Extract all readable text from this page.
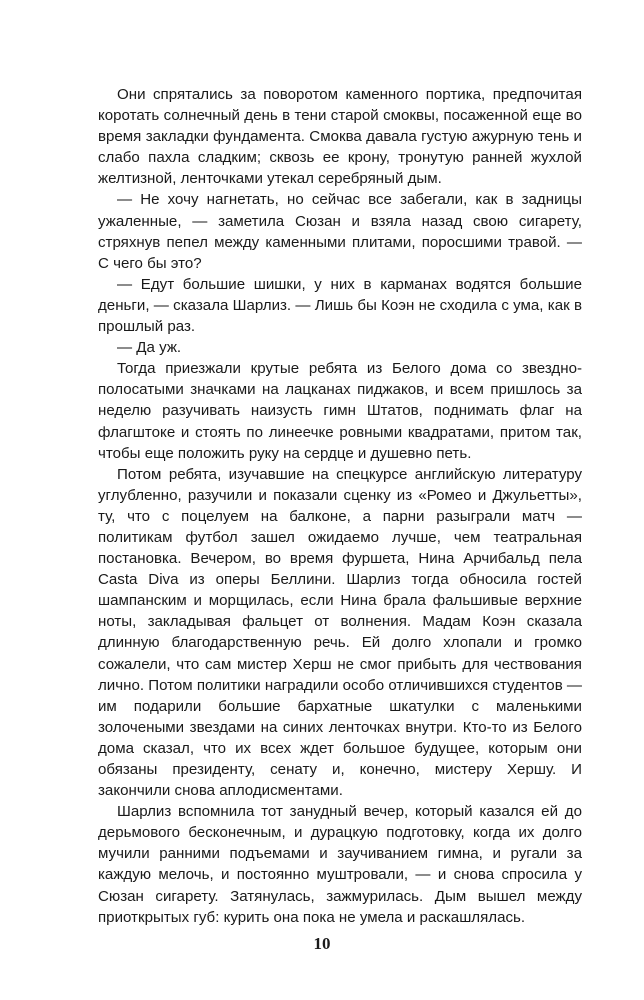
Они спрятались за поворотом каменного портика, предпочитая коротать солнечный день в тени старой смоквы, посаженной еще во время закладки фундамента. Смоква давала густую ажурную тень и слабо пахла сладким; сквозь ее крону, тронутую ранней жухлой желтизной, ленточками утекал серебряный дым.

— Не хочу нагнетать, но сейчас все забегали, как в задницы ужаленные, — заметила Сюзан и взяла назад свою сигарету, стряхнув пепел между каменными плитами, поросшими травой. — С чего бы это?

— Едут большие шишки, у них в карманах водятся большие деньги, — сказала Шарлиз. — Лишь бы Коэн не сходила с ума, как в прошлый раз.

— Да уж.

Тогда приезжали крутые ребята из Белого дома со звездно-полосатыми значками на лацканах пиджаков, и всем пришлось за неделю разучивать наизусть гимн Штатов, поднимать флаг на флагштоке и стоять по линеечке ровными квадратами, притом так, чтобы еще положить руку на сердце и душевно петь.

Потом ребята, изучавшие на спецкурсе английскую литературу углубленно, разучили и показали сценку из «Ромео и Джульетты», ту, что с поцелуем на балконе, а парни разыграли матч — политикам футбол зашел ожидаемо лучше, чем театральная постановка. Вечером, во время фуршета, Нина Арчибальд пела Casta Diva из оперы Беллини. Шарлиз тогда обносила гостей шампанским и морщилась, если Нина брала фальшивые верхние ноты, закладывая фальцет от волнения. Мадам Коэн сказала длинную благодарственную речь. Ей долго хлопали и громко сожалели, что сам мистер Херш не смог прибыть для чествования лично. Потом политики наградили особо отличившихся студентов — им подарили большие бархатные шкатулки с маленькими золочеными звездами на синих ленточках внутри. Кто-то из Белого дома сказал, что их всех ждет большое будущее, которым они обязаны президенту, сенату и, конечно, мистеру Хершу. И закончили снова аплодисментами.

Шарлиз вспомнила тот занудный вечер, который казался ей до дерьмового бесконечным, и дурацкую подготовку, когда их долго мучили ранними подъемами и заучиванием гимна, и ругали за каждую мелочь, и постоянно муштровали, — и снова спросила у Сюзан сигарету. Затянулась, зажмурилась. Дым вышел между приоткрытых губ: курить она пока не умела и раскашлялась.

10
